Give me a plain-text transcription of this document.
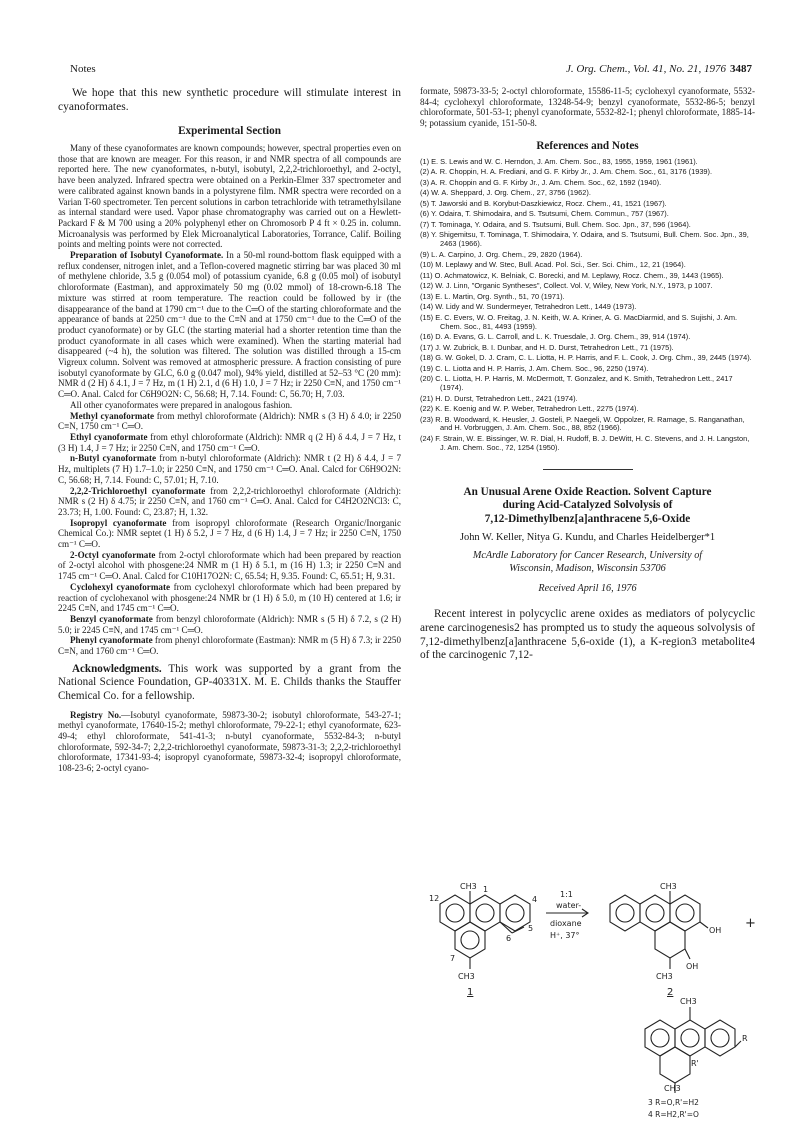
Notes	J. Org. Chem., Vol. 41, No. 21, 1976 3487

We hope that this new synthetic procedure will stimulate interest in cyanoformates.

Experimental Section

Many of these cyanoformates are known compounds; however, spectral properties even on those that are known are meager. For this reason, ir and NMR spectra of all compounds are reported here. The new cyanoformates, n-butyl, isobutyl, 2,2,2-trichloroethyl, and 2-octyl, have been analyzed. Infrared spectra were obtained on a Perkin-Elmer 337 spectrometer and were calibrated against known bands in a polystyrene film. NMR spectra were recorded on a Varian T-60 spectrometer. Ten percent solutions in carbon tetrachloride with tetramethylsilane as internal standard were used. Vapor phase chromatography was carried out on a Hewlett-Packard F & M 700 using a 20% polyphenyl ether on Chromosorb P 4 ft × 0.25 in. column. Microanalysis was performed by Elek Microanalytical Laboratories, Torrance, Calif. Boiling points and melting points were not corrected.

Preparation of Isobutyl Cyanoformate. In a 50-ml round-bottom flask equipped with a reflux condenser, nitrogen inlet, and a Teflon-covered magnetic stirring bar was placed 30 ml of methylene chloride, 3.5 g (0.054 mol) of potassium cyanide, 6.8 g (0.05 mol) of isobutyl chloroformate (Eastman), and approximately 50 mg (0.02 mmol) of 18-crown-6.18 The mixture was stirred at room temperature. The reaction could be followed by ir (the disappearance of the band at 1790 cm⁻¹ due to the C═O of the starting chloroformate and the appearance of bands at 2250 cm⁻¹ due to the C≡N and at 1750 cm⁻¹ due to the C═O of the product cyanoformate) or by GLC (the starting material had a shorter retention time than the product cyanoformate in all cases which were examined). When the starting material had disappeared (~4 h), the solution was filtered. The solution was distilled through a 15-cm Vigreux column. Solvent was removed at atmospheric pressure. A fraction consisting of pure isobutyl cyanoformate by GLC, 6.0 g (0.047 mol), 94% yield, distilled at 52–53 °C (20 mm): NMR d (2 H) δ 4.1, J = 7 Hz, m (1 H) 2.1, d (6 H) 1.0, J = 7 Hz; ir 2250 C≡N, and 1750 cm⁻¹ C═O. Anal. Calcd for C6H9O2N: C, 56.68; H, 7.14. Found: C, 56.70; H, 7.03.

All other cyanoformates were prepared in analogous fashion.

Methyl cyanoformate from methyl chloroformate (Aldrich): NMR s (3 H) δ 4.0; ir 2250 C≡N, 1750 cm⁻¹ C═O.

Ethyl cyanoformate from ethyl chloroformate (Aldrich): NMR q (2 H) δ 4.4, J = 7 Hz, t (3 H) 1.4, J = 7 Hz; ir 2250 C≡N, and 1750 cm⁻¹ C═O.

n-Butyl cyanoformate from n-butyl chloroformate (Aldrich): NMR t (2 H) δ 4.4, J = 7 Hz, multiplets (7 H) 1.7–1.0; ir 2250 C≡N, and 1750 cm⁻¹ C═O. Anal. Calcd for C6H9O2N: C, 56.68; H, 7.14. Found: C, 57.01; H, 7.10.

2,2,2-Trichloroethyl cyanoformate from 2,2,2-trichloroethyl chloroformate (Aldrich): NMR s (2 H) δ 4.75; ir 2250 C≡N, and 1760 cm⁻¹ C═O. Anal. Calcd for C4H2O2NCl3: C, 23.73; H, 1.00. Found: C, 23.87; H, 1.32.

Isopropyl cyanoformate from isopropyl chloroformate (Research Organic/Inorganic Chemical Co.): NMR septet (1 H) δ 5.2, J = 7 Hz, d (6 H) 1.4, J = 7 Hz; ir 2250 C≡N, 1750 cm⁻¹ C═O.

2-Octyl cyanoformate from 2-octyl chloroformate which had been prepared by reaction of 2-octyl alcohol with phosgene:24 NMR m (1 H) δ 5.1, m (16 H) 1.3; ir 2250 C≡N and 1745 cm⁻¹ C═O. Anal. Calcd for C10H17O2N: C, 65.54; H, 9.35. Found: C, 65.51; H, 9.31.

Cyclohexyl cyanoformate from cyclohexyl chloroformate which had been prepared by reaction of cyclohexanol with phosgene:24 NMR br (1 H) δ 5.0, m (10 H) centered at 1.6; ir 2245 C≡N, and 1745 cm⁻¹ C═O.

Benzyl cyanoformate from benzyl chloroformate (Aldrich): NMR s (5 H) δ 7.2, s (2 H) 5.0; ir 2245 C≡N, and 1745 cm⁻¹ C═O.

Phenyl cyanoformate from phenyl chloroformate (Eastman): NMR m (5 H) δ 7.3; ir 2250 C≡N, and 1760 cm⁻¹ C═O.

Acknowledgments. This work was supported by a grant from the National Science Foundation, GP-40331X. M. E. Childs thanks the Stauffer Chemical Co. for a fellowship.

Registry No.—Isobutyl cyanoformate, 59873-30-2; isobutyl chloroformate, 543-27-1; methyl cyanoformate, 17640-15-2; methyl chloroformate, 79-22-1; ethyl cyanoformate, 623-49-4; ethyl chloroformate, 541-41-3; n-butyl cyanoformate, 5532-84-3; n-butyl chloroformate, 592-34-7; 2,2,2-trichloroethyl cyanoformate, 59873-31-3; 2,2,2-trichloroethyl chloroformate, 17341-93-4; isopropyl cyanoformate, 59873-32-4; isopropyl chloroformate, 108-23-6; 2-octyl cyano-

formate, 59873-33-5; 2-octyl chloroformate, 15586-11-5; cyclohexyl cyanoformate, 5532-84-4; cyclohexyl chloroformate, 13248-54-9; benzyl cyanoformate, 5532-86-5; benzyl chloroformate, 501-53-1; phenyl cyanoformate, 5532-82-1; phenyl chloroformate, 1885-14-9; potassium cyanide, 151-50-8.

References and Notes
(1) E. S. Lewis and W. C. Herndon, J. Am. Chem. Soc., 83, 1955, 1959, 1961 (1961).
(2) A. R. Choppin, H. A. Frediani, and G. F. Kirby Jr., J. Am. Chem. Soc., 61, 3176 (1939).
(3) A. R. Choppin and G. F. Kirby Jr., J. Am. Chem. Soc., 62, 1592 (1940).
(4) W. A. Sheppard, J. Org. Chem., 27, 3756 (1962).
(5) T. Jaworski and B. Korybut-Daszkiewicz, Rocz. Chem., 41, 1521 (1967).
(6) Y. Odaira, T. Shimodaira, and S. Tsutsumi, Chem. Commun., 757 (1967).
(7) T. Tominaga, Y. Odaira, and S. Tsutsumi, Bull. Chem. Soc. Jpn., 37, 596 (1964).
(8) Y. Shigemitsu, T. Tominaga, T. Shimodaira, Y. Odaira, and S. Tsutsumi, Bull. Chem. Soc. Jpn., 39, 2463 (1966).
(9) L. A. Carpino, J. Org. Chem., 29, 2820 (1964).
(10) M. Leplawy and W. Stec, Bull. Acad. Pol. Sci., Ser. Sci. Chim., 12, 21 (1964).
(11) O. Achmatowicz, K. Belniak, C. Borecki, and M. Leplawy, Rocz. Chem., 39, 1443 (1965).
(12) W. J. Linn, "Organic Syntheses", Collect. Vol. V, Wiley, New York, N.Y., 1973, p 1007.
(13) E. L. Martin, Org. Synth., 51, 70 (1971).
(14) W. Lidy and W. Sundermeyer, Tetrahedron Lett., 1449 (1973).
(15) E. C. Evers, W. O. Freitag, J. N. Keith, W. A. Kriner, A. G. MacDiarmid, and S. Sujishi, J. Am. Chem. Soc., 81, 4493 (1959).
(16) D. A. Evans, G. L. Carroll, and L. K. Truesdale, J. Org. Chem., 39, 914 (1974).
(17) J. W. Zubrick, B. I. Dunbar, and H. D. Durst, Tetrahedron Lett., 71 (1975).
(18) G. W. Gokel, D. J. Cram, C. L. Liotta, H. P. Harris, and F. L. Cook, J. Org. Chm., 39, 2445 (1974).
(19) C. L. Liotta and H. P. Harris, J. Am. Chem. Soc., 96, 2250 (1974).
(20) C. L. Liotta, H. P. Harris, M. McDermott, T. Gonzalez, and K. Smith, Tetrahedron Lett., 2417 (1974).
(21) H. D. Durst, Tetrahedron Lett., 2421 (1974).
(22) K. E. Koenig and W. P. Weber, Tetrahedron Lett., 2275 (1974).
(23) R. B. Woodward, K. Heusler, J. Gosteli, P. Naegeli, W. Oppolzer, R. Ramage, S. Ranganathan, and H. Vorbruggen, J. Am. Chem. Soc., 88, 852 (1966).
(24) F. Strain, W. E. Bissinger, W. R. Dial, H. Rudoff, B. J. DeWitt, H. C. Stevens, and J. H. Langston, J. Am. Chem. Soc., 72, 1254 (1950).
An Unusual Arene Oxide Reaction. Solvent Capture
during Acid-Catalyzed Solvolysis of
7,12-Dimethylbenz[a]anthracene 5,6-Oxide
John W. Keller, Nitya G. Kundu, and Charles Heidelberger*1
McArdle Laboratory for Cancer Research, University of
Wisconsin, Madison, Wisconsin 53706
Received April 16, 1976

Recent interest in polycyclic arene oxides as mediators of polycyclic arene carcinogenesis2 has prompted us to study the aqueous solvolysis of 7,12-dimethylbenz[a]anthracene 5,6-oxide (1), a K-region3 metabolite4 of the carcinogenic 7,12-

CH3
12
1
4
5
6
7
CH3
1
1:1
water-
dioxane
H⁺, 37°
CH3
OH
CH3
OH
2
+
CH3
R
R'
CH3
3 R=O,R'=H2
4 R=H2,R'=O
